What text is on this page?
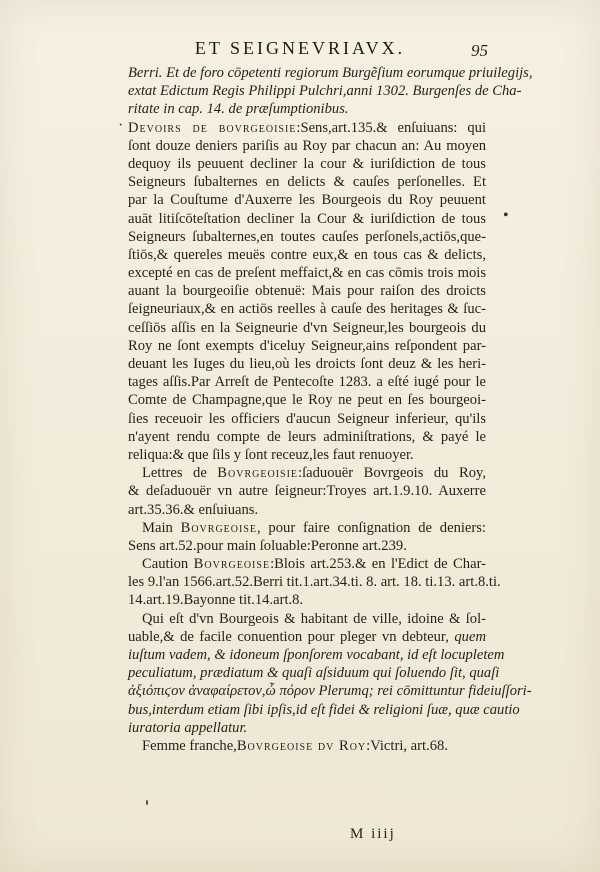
ET SEIGNEVRIAVX.	95
Berri. Et de foro cōpetenti regiorum Burgẽſium eorumque priuilegijs,
extat Edictum Regis Philippi Pulchri,anni 1302. Burgenſes de Cha-
ritate in cap. 14. de præſumptionibus.
Devoirs de bovrgeoisie:Sens,art.135.& enſuiuans: qui
ſont douze deniers pariſis au Roy par chacun an: Au moyen
dequoy ils peuuent decliner la cour & iuriſdiction de tous
Seigneurs ſubalternes en delicts & cauſes perſonelles. Et
par la Couſtume d'Auxerre les Bourgeois du Roy peuuent
auāt litiſcōteſtation decliner la Cour & iuriſdiction de tous
Seigneurs ſubalternes,en toutes cauſes perſonels,actiōs,que-
ſtiōs,& quereles meuës contre eux,& en tous cas & delicts,
excepté en cas de preſent meffaict,& en cas cōmis trois mois
auant la bourgeoiſie obtenuë: Mais pour raiſon des droicts
ſeigneuriaux,& en actiōs reelles à cauſe des heritages & ſuc-
ceſſiōs aſſis en la Seigneurie d'vn Seigneur,les bourgeois du
Roy ne ſont exempts d'iceluy Seigneur,ains reſpondent par-
deuant les Iuges du lieu,où les droicts ſont deuz & les heri-
tages aſſis.Par Arreſt de Pentecoſte 1283. a eſté iugé pour le
Comte de Champagne,que le Roy ne peut en ſes bourgeoi-
ſies receuoir les officiers d'aucun Seigneur inferieur, qu'ils
n'ayent rendu compte de leurs adminiſtrations, & payé le
reliqua:& que ſils y ſont receuz,les faut renuoyer.
Lettres de Bovrgeoisie:ſaduouër Bovrgeois du Roy,
& deſaduouër vn autre ſeigneur:Troyes art.1.9.10. Auxerre
art.35.36.& enſuiuans.
Main Bovrgeoise, pour faire conſignation de deniers:
Sens art.52.pour main ſoluable:Peronne art.239.
Caution Bovrgeoise:Blois art.253.& en l'Edict de Char-
les 9.l'an 1566.art.52.Berri tit.1.art.34.ti. 8. art. 18. ti.13. art.8.ti.
14.art.19.Bayonne tit.14.art.8.
Qui eſt d'vn Bourgeois & habitant de ville, idoine & ſol-
uable,& de facile conuention pour pleger vn debteur, quem
iuſtum vadem, & idoneum ſponſorem vocabant, id eſt locupletem
peculiatum, prædiatum & quaſi aſsiduum qui ſoluendo ſit, quaſi
ἀξιόπιϛον ἀναφαίρετον,ὦ πόρον Plerumq; rei cōmittuntur fideiuſſori-
bus,interdum etiam ſibi ipſis,id eſt fidei & religioni ſuæ, quæ cautio
iuratoria appellatur.
Femme franche,Bovrgeoise dv Roy:Victri, art.68.
·
•
M iiij
